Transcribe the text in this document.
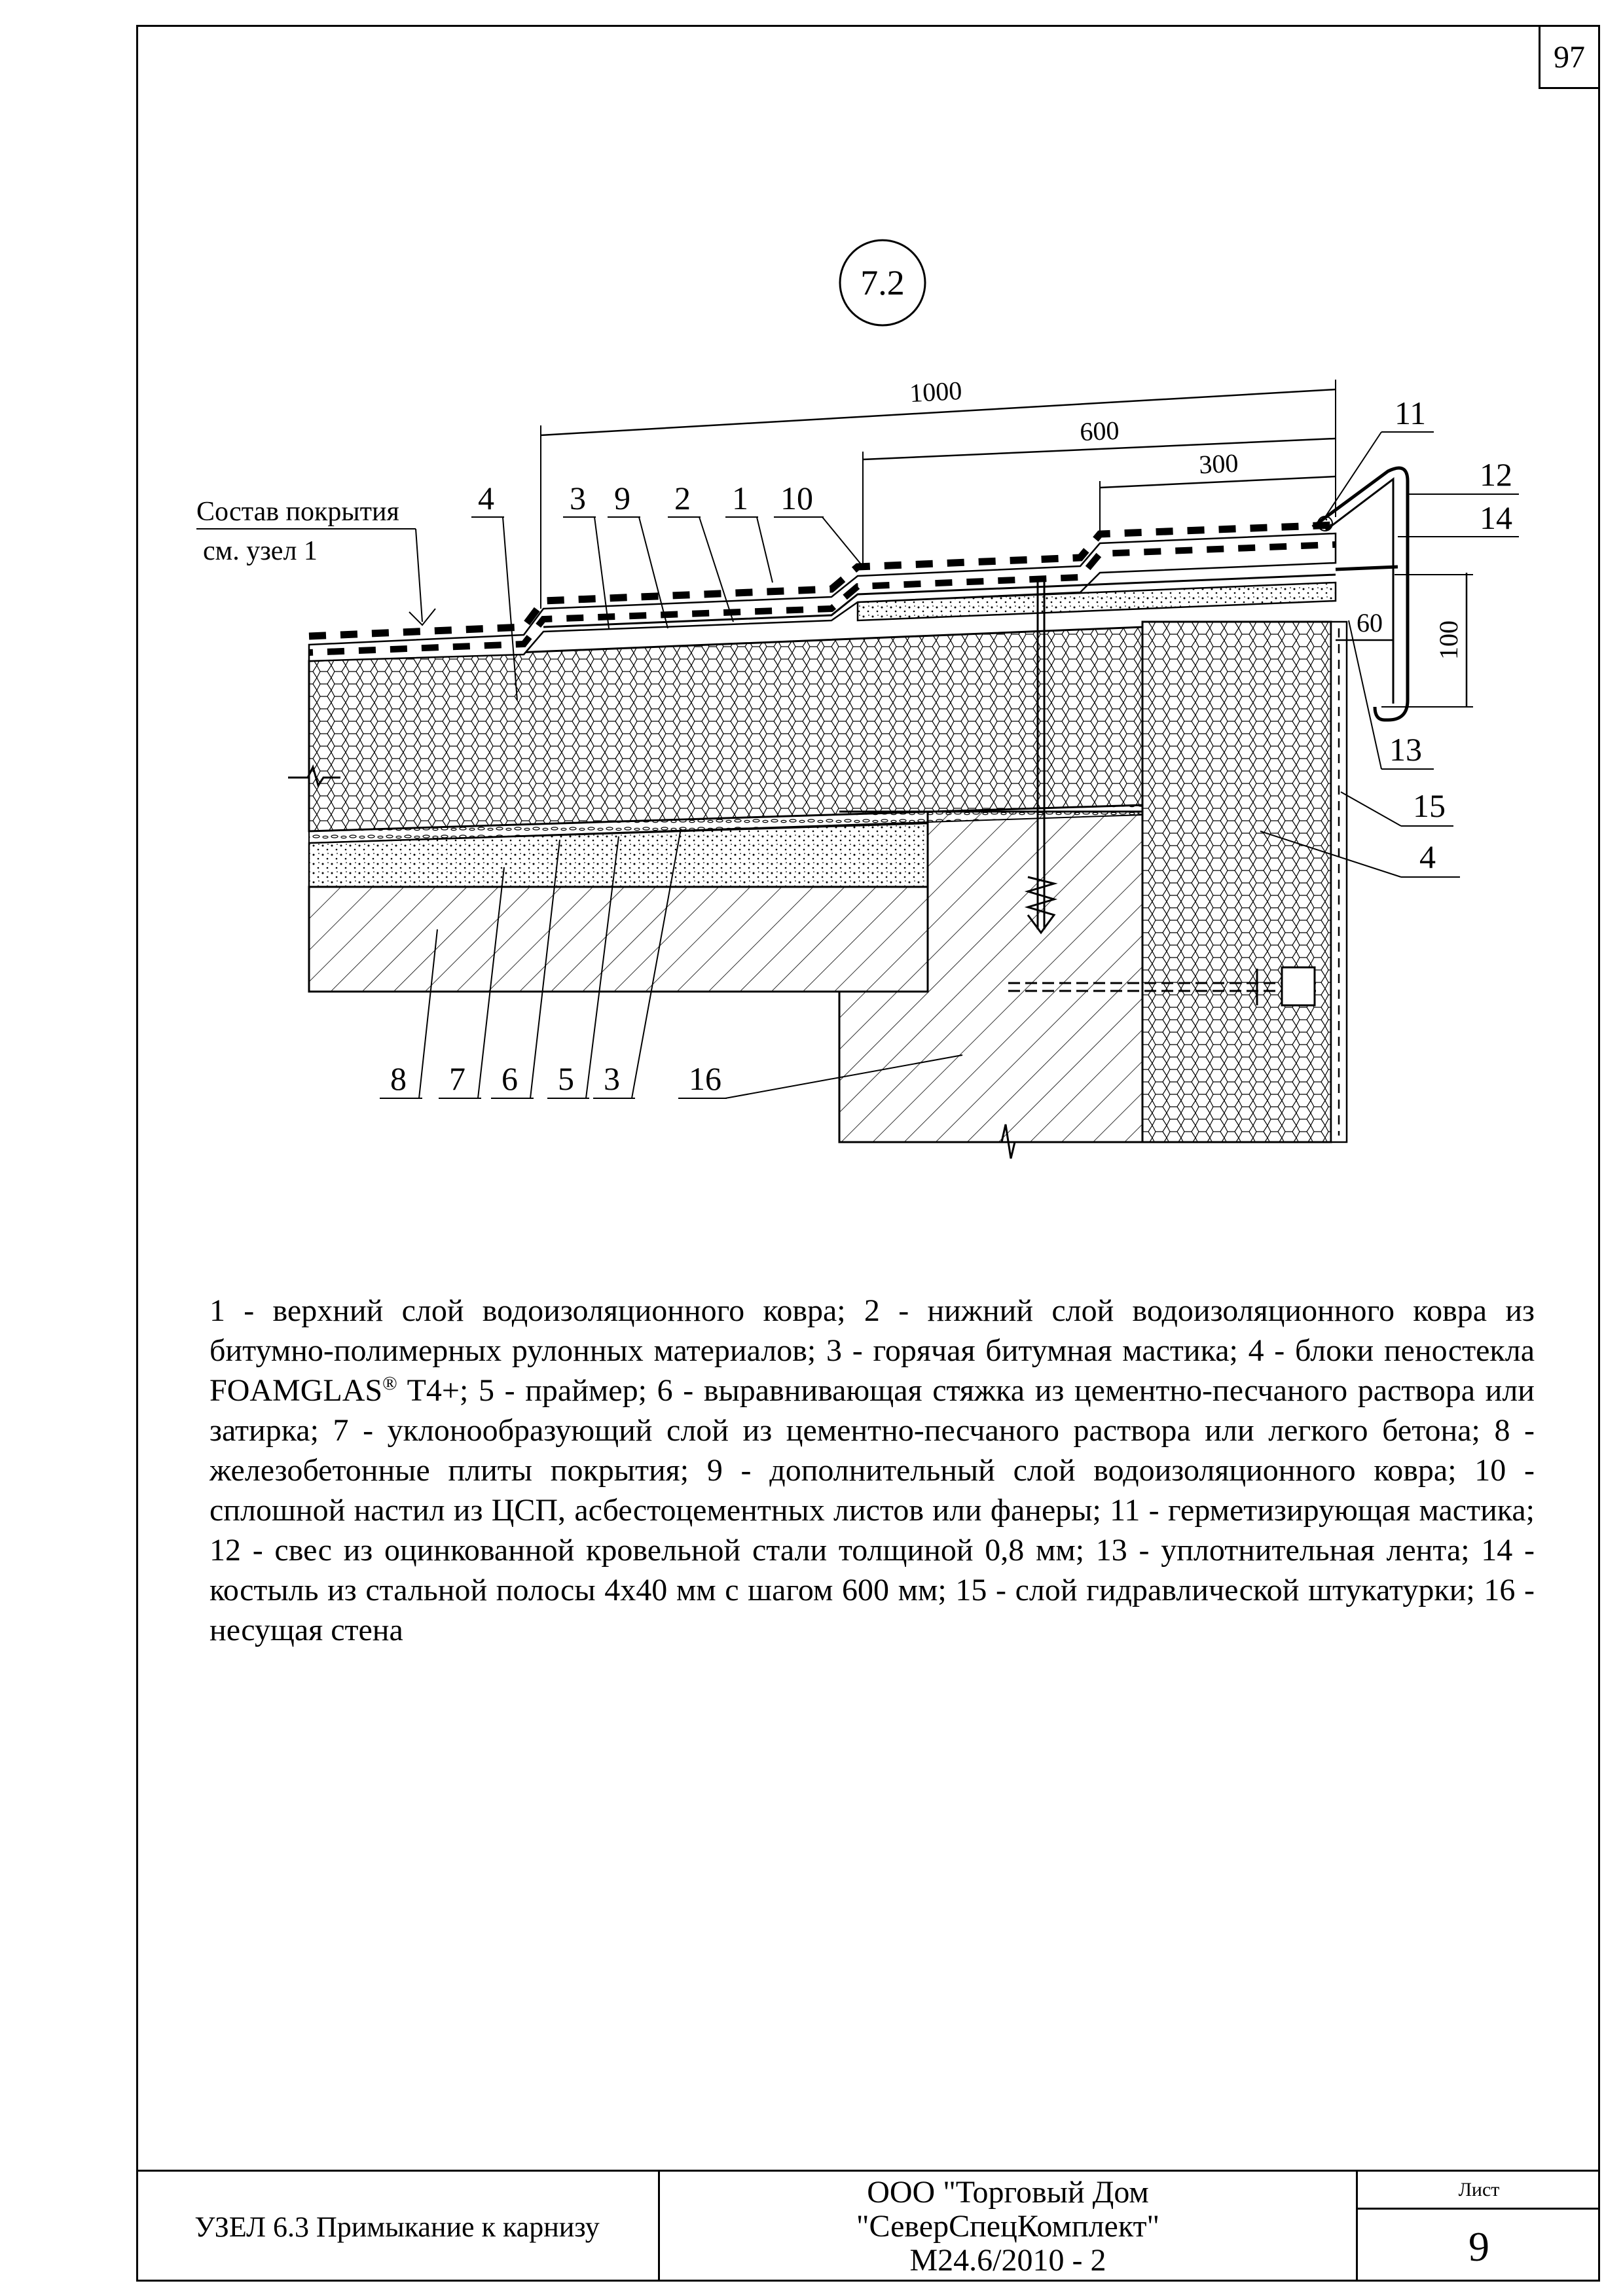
97
7.2
1000
600
300
60 100
Состав покрытия
см. узел 1
4 3 9 2 1 10
11
12
14
13
15
4
8 7 6 5 3 16
1 - верхний слой водоизоляционного ковра; 2 - нижний слой водоизоляционного ковра из битумно-полимерных рулонных материалов; 3 - горячая битумная мастика; 4 - блоки пеностекла FOAMGLAS® T4+; 5 - праймер; 6 - выравнивающая стяжка из цементно-песчаного раствора или затирка; 7 - уклонообразующий слой из цементно-песчаного раствора или легкого бетона; 8 - железобетонные плиты покрытия; 9 - дополнительный слой водоизоляционного ковра; 10 - сплошной настил из ЦСП, асбестоцементных листов или фанеры; 11 - герметизирующая мастика; 12 - свес из оцинкованной кровельной стали толщиной 0,8 мм; 13 - уплотнительная лента; 14 - костыль из стальной полосы 4х40 мм с шагом 600 мм; 15 - слой гидравлической штукатурки; 16 - несущая стена
УЗЕЛ 6.3 Примыкание к карнизу
ООО "Торговый Дом
"СеверСпецКомплект"
М24.6/2010 - 2
Лист
9
